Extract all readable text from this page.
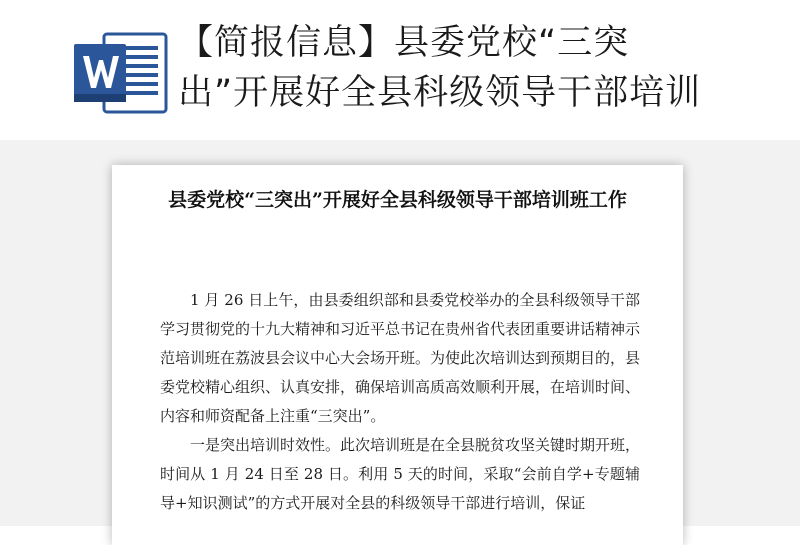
【简报信息】县委党校“三突出”开展好全县科级领导干部培训
县委党校“三突出”开展好全县科级领导干部培训班工作

1 月 26 日上午，由县委组织部和县委党校举办的全县科级领导干部学习贯彻党的十九大精神和习近平总书记在贵州省代表团重要讲话精神示范培训班在荔波县会议中心大会场开班。为使此次培训达到预期目的，县委党校精心组织、认真安排，确保培训高质高效顺利开展，在培训时间、内容和师资配备上注重“三突出”。

一是突出培训时效性。此次培训班是在全县脱贫攻坚关键时期开班，时间从 1 月 24 日至 28 日。利用 5 天的时间，采取“会前自学+专题辅导+知识测试”的方式开展对全县的科级领导干部进行培训，保证
